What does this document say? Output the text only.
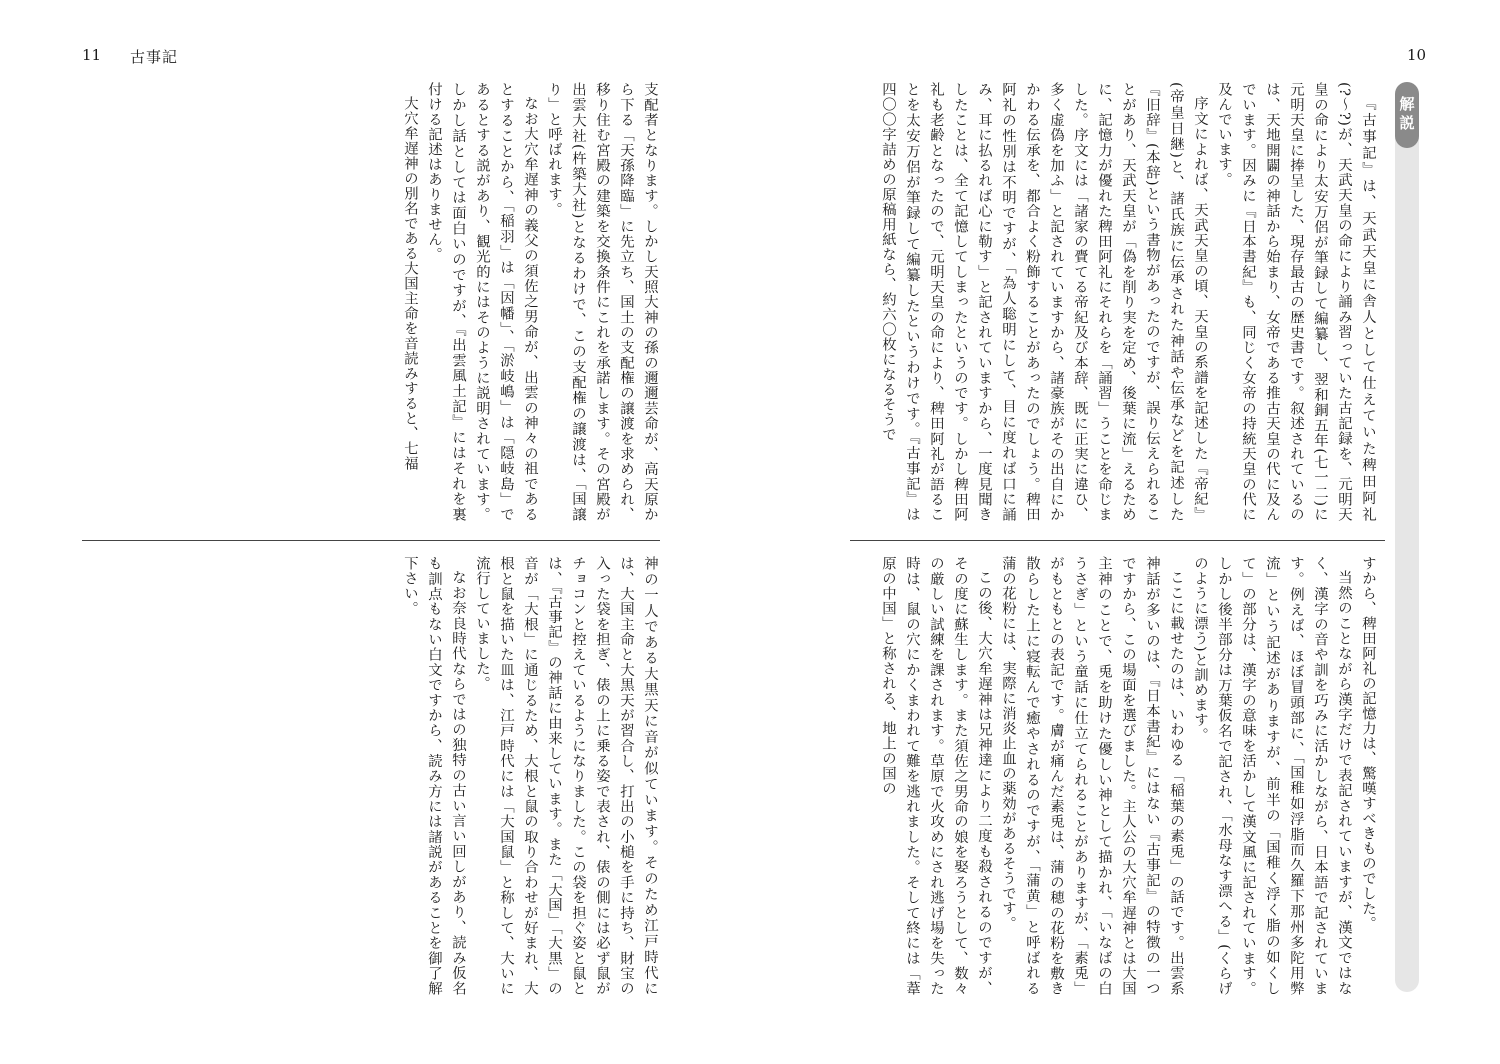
11 古事記

支配者となります。しかし天照大神の孫の邇邇芸命が、高天原から下る「天孫降臨」に先立ち、国土の支配権の譲渡を求められ、移り住む宮殿の建築を交換条件にこれを承諾します。その宮殿が出雲大社(杵築大社)となるわけで、この支配権の譲渡は、「国譲り」と呼ばれます。

なお大穴牟遅神の義父の須佐之男命が、出雲の神々の祖であるとすることから、「稲羽」は「因幡」、「淤岐嶋」は「隠岐島」であるとする説があり、観光的にはそのように説明されています。しかし話としては面白いのですが、『出雲風土記』にはそれを裏付ける記述はありません。

大穴牟遅神の別名である大国主命を音読みすると、七福

神の一人である大黒天に音が似ています。そのため江戸時代には、大国主命と大黒天が習合し、打出の小槌を手に持ち、財宝の入った袋を担ぎ、俵の上に乗る姿で表され、俵の側には必ず鼠がチョコンと控えているようになりました。この袋を担ぐ姿と鼠とは、『古事記』の神話に由来しています。また「大国」「大黒」の音が「大根」に通じるため、大根と鼠の取り合わせが好まれ、大根と鼠を描いた皿は、江戸時代には「大国鼠」と称して、大いに流行していました。

なお奈良時代ならではの独特の古い言い回しがあり、読み仮名も訓点もない白文ですから、読み方には諸説があることを御了解下さい。

10
解説

『古事記』は、天武天皇に舎人として仕えていた稗田阿礼(?〜?)が、天武天皇の命により誦み習っていた古記録を、元明天皇の命により太安万侶が筆録して編纂し、翌和銅五年(七一二)に元明天皇に捧呈した、現存最古の歴史書です。叙述されているのは、天地開闢の神話から始まり、女帝である推古天皇の代に及んでいます。因みに『日本書紀』も、同じく女帝の持統天皇の代に及んでいます。

序文によれば、天武天皇の頃、天皇の系譜を記述した『帝紀』(帝皇日継)と、諸氏族に伝承された神話や伝承などを記述した『旧辞』(本辞)という書物があったのですが、誤り伝えられることがあり、天武天皇が「偽を削り実を定め、後葉に流」えるために、記憶力が優れた稗田阿礼にそれらを「誦習」うことを命じました。序文には「諸家の賷てる帝紀及び本辞、既に正実に違ひ、多く虚偽を加ふ」と記されていますから、諸豪族がその出自にかかわる伝承を、都合よく粉飾することがあったのでしょう。稗田阿礼の性別は不明ですが、「為人聡明にして、目に度れば口に誦み、耳に払るれば心に勒す」と記されていますから、一度見聞きしたことは、全て記憶してしまったというのです。しかし稗田阿礼も老齢となったので、元明天皇の命により、稗田阿礼が語ることを太安万侶が筆録して編纂したというわけです。『古事記』は四〇〇字詰めの原稿用紙なら、約六〇枚になるそうで

すから、稗田阿礼の記憶力は、驚嘆すべきものでした。

当然のことながら漢字だけで表記されていますが、漢文ではなく、漢字の音や訓を巧みに活かしながら、日本語で記されています。例えば、ほぼ冒頭部に、「国稚如浮脂而久羅下那州多陀用弊流」という記述がありますが、前半の「国稚く浮く脂の如くして」の部分は、漢字の意味を活かして漢文風に記されています。しかし後半部分は万葉仮名で記され、「水母なす漂へる」(くらげのように漂う)と訓めます。

ここに載せたのは、いわゆる「稲葉の素兎」の話です。出雲系神話が多いのは、『日本書紀』にはない『古事記』の特徴の一つですから、この場面を選びました。主人公の大穴牟遅神とは大国主神のことで、兎を助けた優しい神として描かれ、「いなばの白うさぎ」という童話に仕立てられることがありますが、「素兎」がもともとの表記です。膚が痛んだ素兎は、蒲の穂の花粉を敷き散らした上に寝転んで癒やされるのですが、「蒲黄」と呼ばれる蒲の花粉には、実際に消炎止血の薬効があるそうです。

この後、大穴牟遅神は兄神達により二度も殺されるのですが、その度に蘇生します。また須佐之男命の娘を娶ろうとして、数々の厳しい試練を課されます。草原で火攻めにされ逃げ場を失った時は、鼠の穴にかくまわれて難を逃れました。そして終には「葦原の中国」と称される、地上の国の
